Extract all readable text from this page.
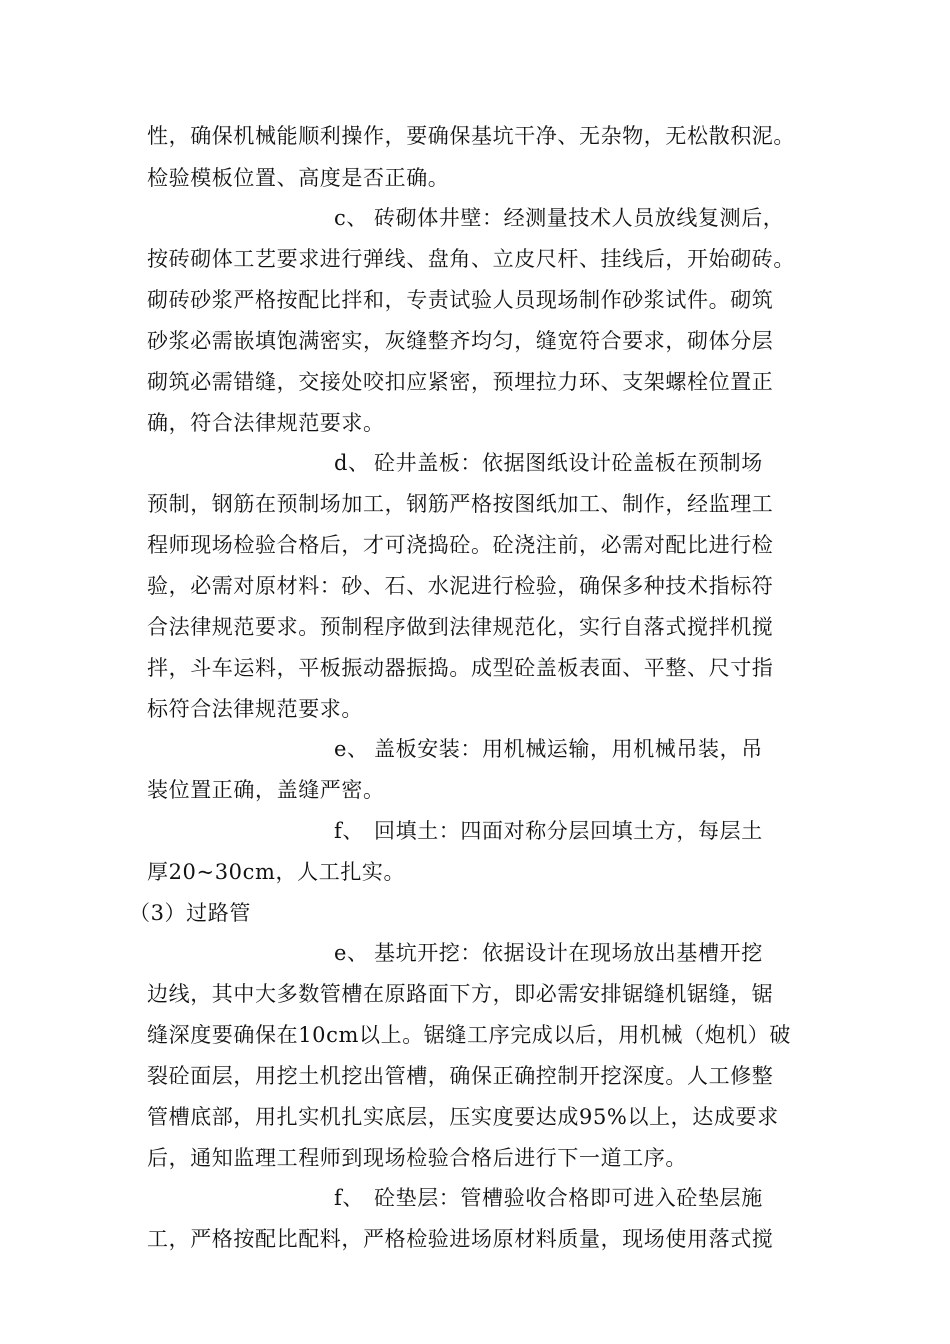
性，确保机械能顺利操作，要确保基坑干净、无杂物，无松散积泥。
检验模板位置、高度是否正确。
c、 砖砌体井壁：经测量技术人员放线复测后，
按砖砌体工艺要求进行弹线、盘角、立皮尺杆、挂线后，开始砌砖。
砌砖砂浆严格按配比拌和，专责试验人员现场制作砂浆试件。砌筑
砂浆必需嵌填饱满密实，灰缝整齐均匀，缝宽符合要求，砌体分层
砌筑必需错缝，交接处咬扣应紧密，预埋拉力环、支架螺栓位置正
确，符合法律规范要求。
d、 砼井盖板：依据图纸设计砼盖板在预制场
预制，钢筋在预制场加工，钢筋严格按图纸加工、制作，经监理工
程师现场检验合格后，才可浇捣砼。砼浇注前，必需对配比进行检
验，必需对原材料：砂、石、水泥进行检验，确保多种技术指标符
合法律规范要求。预制程序做到法律规范化，实行自落式搅拌机搅
拌，斗车运料，平板振动器振捣。成型砼盖板表面、平整、尺寸指
标符合法律规范要求。
e、 盖板安装：用机械运输，用机械吊装，吊
装位置正确，盖缝严密。
f、 回填土：四面对称分层回填土方，每层土
厚20~30cm，人工扎实。
（3）过路管
e、 基坑开挖：依据设计在现场放出基槽开挖
边线，其中大多数管槽在原路面下方，即必需安排锯缝机锯缝，锯
缝深度要确保在10cm以上。锯缝工序完成以后，用机械（炮机）破
裂砼面层，用挖土机挖出管槽，确保正确控制开挖深度。人工修整
管槽底部，用扎实机扎实底层，压实度要达成95%以上，达成要求
后，通知监理工程师到现场检验合格后进行下一道工序。
f、 砼垫层：管槽验收合格即可进入砼垫层施
工，严格按配比配料，严格检验进场原材料质量，现场使用落式搅
